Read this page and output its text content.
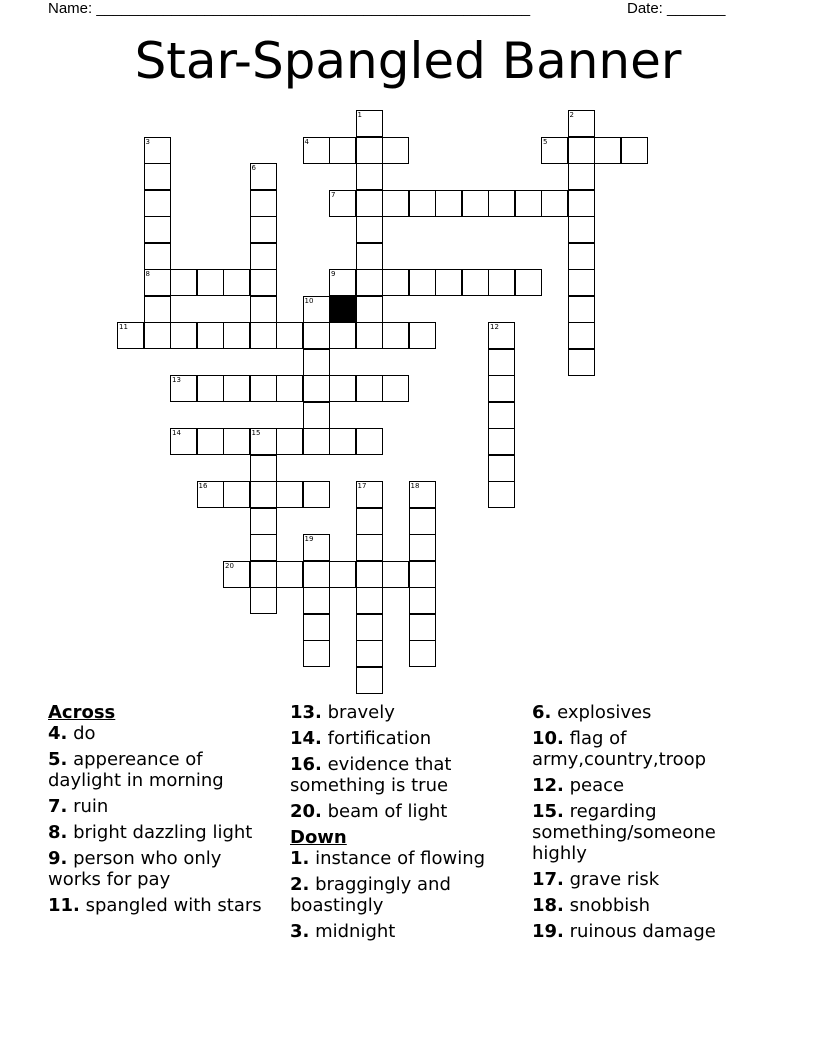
Name: ____________________________________________________	Date: _______
Star-Spangled Banner
4	5
7
8	9
11
13
14	15
16
20
1	2
3
6
10
12
17	18
19
Across
4. do
5. appereance of daylight in morning
7. ruin
8. bright dazzling light
9. person who only works for pay
11. spangled with stars
13. bravely
14. fortification
16. evidence that something is true
20. beam of light
Down
1. instance of flowing
2. braggingly and boastingly
3. midnight
6. explosives
10. flag of army,country,troop
12. peace
15. regarding something/someone highly
17. grave risk
18. snobbish
19. ruinous damage
